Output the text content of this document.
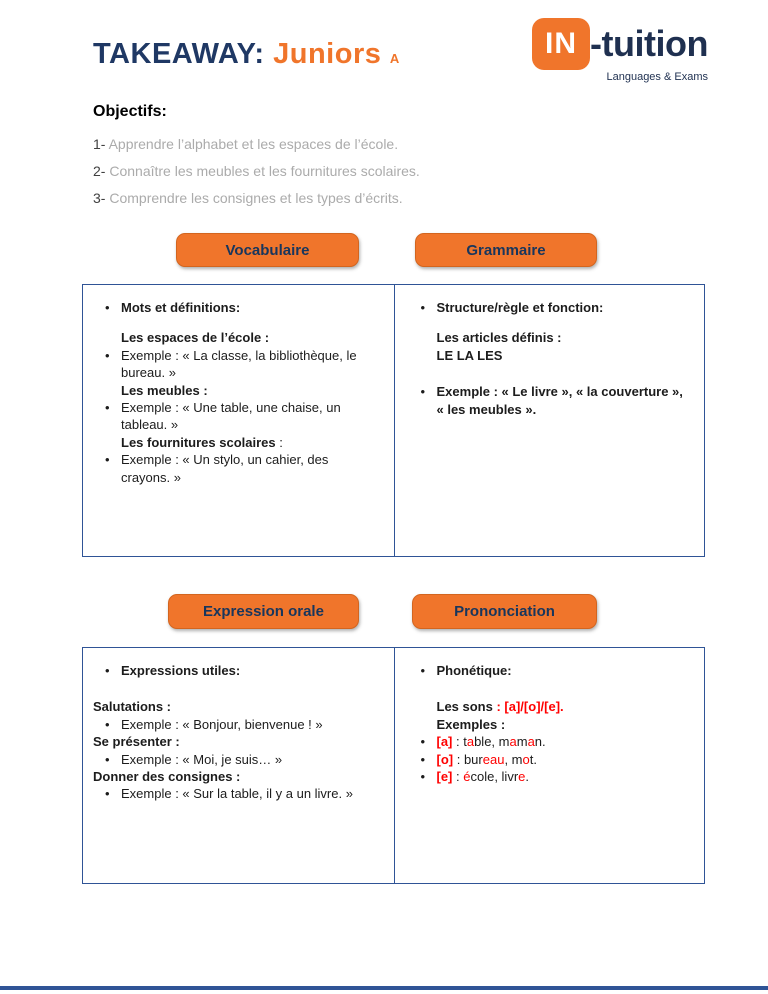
TAKEAWAY: Juniors A	IN -tuition
Languages & Exams
Objectifs:
1- Apprendre l’alphabet et les espaces de l’école.
2- Connaître les meubles et les fournitures scolaires.
3- Comprendre les consignes et les types d’écrits.
Vocabulaire	Grammaire
• Mots et définitions:
Les espaces de l’école :
• Exemple : « La classe, la bibliothèque, le bureau. »
Les meubles :
• Exemple : « Une table, une chaise, un tableau. »
Les fournitures scolaires :
• Exemple : « Un stylo, un cahier, des crayons. »
• Structure/règle et fonction:
Les articles définis :
LE LA LES
• Exemple : « Le livre », « la couverture », « les meubles ».
Expression orale	Prononciation
• Expressions utiles:
Salutations :
• Exemple : « Bonjour, bienvenue ! »
Se présenter :
• Exemple : « Moi, je suis… »
Donner des consignes :
• Exemple : « Sur la table, il y a un livre. »
• Phonétique:
Les sons : [a]/[o]/[e].
Exemples :
• [a] : table, maman.
• [o] : bureau, mot.
• [e] : école, livre.
